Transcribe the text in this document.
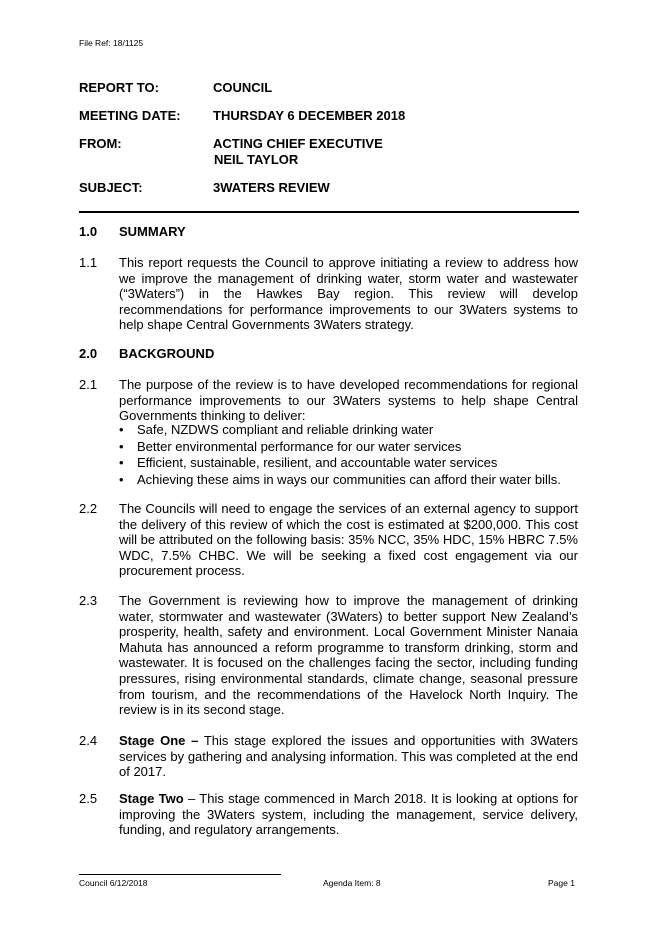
File Ref: 18/1125
REPORT TO:	COUNCIL
MEETING DATE: THURSDAY 6 DECEMBER 2018
FROM:	ACTING CHIEF EXECUTIVE
NEIL TAYLOR
SUBJECT:	3WATERS REVIEW
1.0 SUMMARY
1.1 This report requests the Council to approve initiating a review to address how we improve the management of drinking water, storm water and wastewater (“3Waters”) in the Hawkes Bay region. This review will develop recommendations for performance improvements to our 3Waters systems to help shape Central Governments 3Waters strategy.
2.0 BACKGROUND
2.1 The purpose of the review is to have developed recommendations for regional performance improvements to our 3Waters systems to help shape Central Governments thinking to deliver:
• Safe, NZDWS compliant and reliable drinking water
• Better environmental performance for our water services
• Efficient, sustainable, resilient, and accountable water services
• Achieving these aims in ways our communities can afford their water bills.
2.2 The Councils will need to engage the services of an external agency to support the delivery of this review of which the cost is estimated at $200,000. This cost will be attributed on the following basis: 35% NCC, 35% HDC, 15% HBRC 7.5% WDC, 7.5% CHBC. We will be seeking a fixed cost engagement via our procurement process.
2.3 The Government is reviewing how to improve the management of drinking water, stormwater and wastewater (3Waters) to better support New Zealand’s prosperity, health, safety and environment. Local Government Minister Nanaia Mahuta has announced a reform programme to transform drinking, storm and wastewater. It is focused on the challenges facing the sector, including funding pressures, rising environmental standards, climate change, seasonal pressure from tourism, and the recommendations of the Havelock North Inquiry. The review is in its second stage.
2.4 Stage One – This stage explored the issues and opportunities with 3Waters services by gathering and analysing information. This was completed at the end of 2017.
2.5 Stage Two – This stage commenced in March 2018. It is looking at options for improving the 3Waters system, including the management, service delivery, funding, and regulatory arrangements.
Council 6/12/2018	Agenda Item: 8	Page 1
